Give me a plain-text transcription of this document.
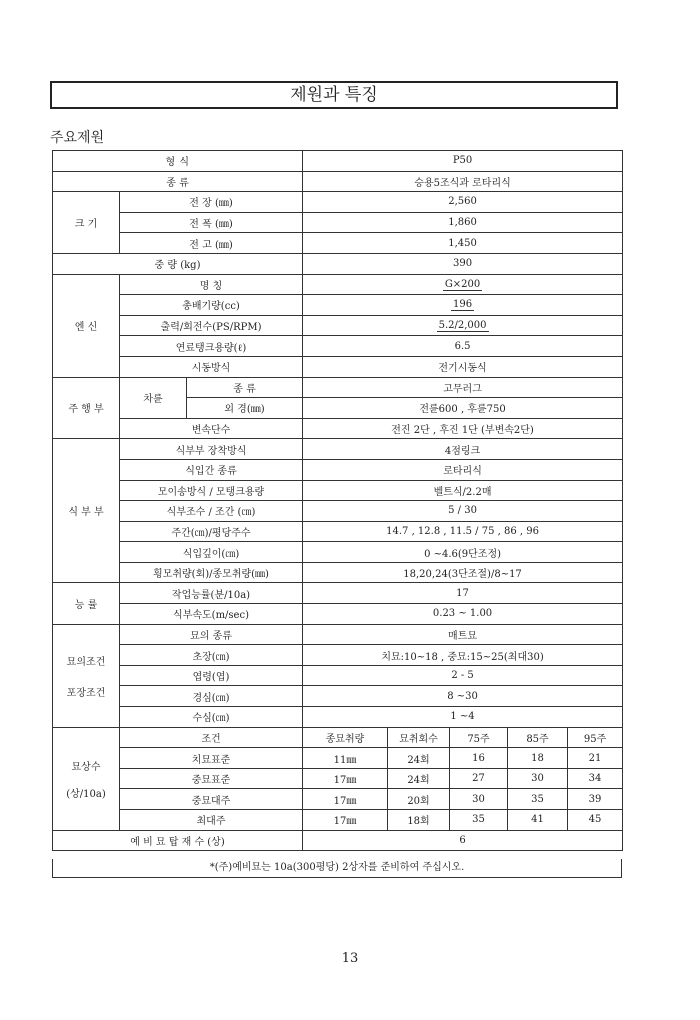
제원과 특징
주요제원
형 식			P50				
종 류			승용5조식과 로타리식				
크 기	전 장 (㎜)		2,560				
	전 폭 (㎜)		1,860				
	전 고 (㎜)		1,450				
중 량 (kg)			390				
엔 신	명 칭		G×200				
	총배기량(cc)		196				
	출력/회전수(PS/RPM)		5.2/2,000				
	연료탱크용량(ℓ)		6.5				
	시동방식		전기시동식				
주 행 부	차륜	종 류	고무러그				
		외 경(㎜)	전륜600 , 후륜750				
	변속단수		전진 2단 , 후진 1단 (부변속2단)				
식 부 부	식부부 장착방식		4점링크				
	식입간 종류		로타리식				
	모이송방식 / 모탱크용량		벨트식/2.2매				
	식부조수 / 조간 (㎝)		5 / 30				
	주간(㎝)/평당주수		14.7 , 12.8 , 11.5 / 75 , 86 , 96				
	식입깊이(㎝)		0 ~4.6(9단조정)				
	횡모취량(회)/종모취량(㎜)		18,20,24(3단조절)/8~17				
능 률	작업능률(분/10a)		17				
	식부속도(m/sec)		0.23 ~ 1.00				

묘의조건
포장조건	묘의 종류		매트묘				
	초장(㎝)		치묘:10~18 , 중묘:15~25(최대30)				
	엽령(엽)		2 - 5				
	경심(㎝)		8 ~30				
	수심(㎝)		1 ~4				

묘상수
(상/10a)	조건		종묘취량	묘취회수	75주	85주	95주
	치묘표준		11㎜	24회	16	18	21
	중묘표준		17㎜	24회	27	30	34
	중묘대주		17㎜	20회	30	35	39
	최대주		17㎜	18회	35	41	45
예 비 묘 탑 재 수 (상)			6				
*(주)예비묘는 10a(300평당) 2상자를 준비하여 주십시오.
13
